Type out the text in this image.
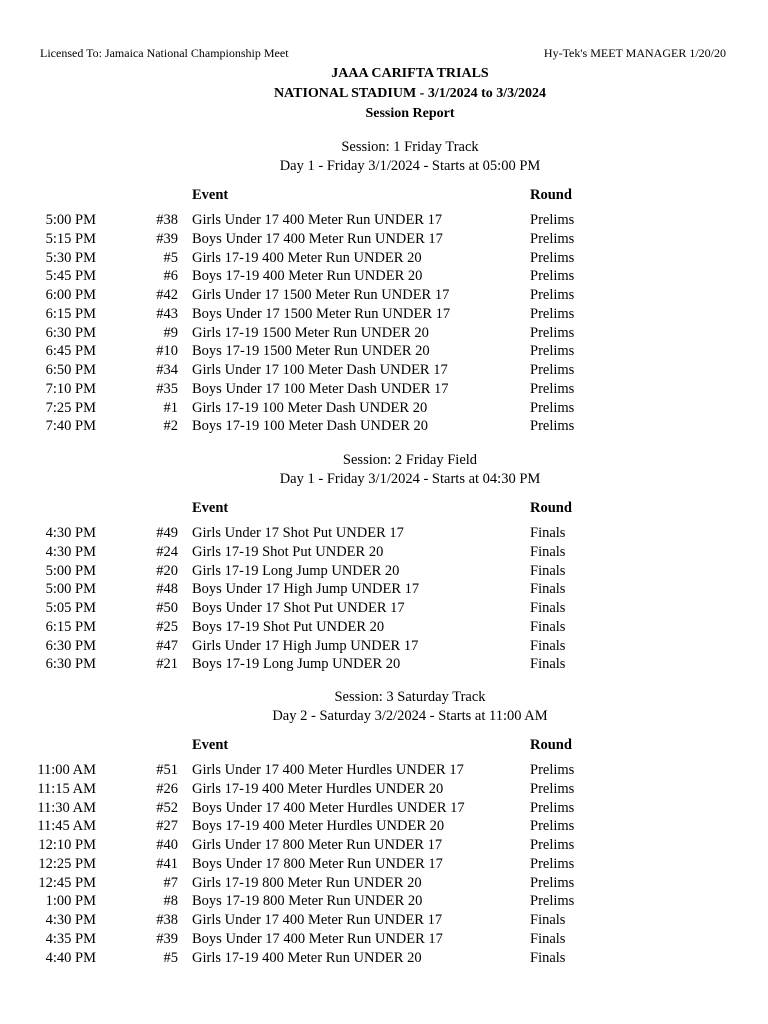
Licensed To: Jamaica National Championship Meet	Hy-Tek's MEET MANAGER 1/20/20
JAAA CARIFTA TRIALS
NATIONAL STADIUM - 3/1/2024 to 3/3/2024
Session Report
Session: 1 Friday Track
Day 1 - Friday 3/1/2024 - Starts at 05:00 PM
Event	Round
5:00 PM	#38 Girls Under 17 400 Meter Run UNDER 17	Prelims
5:15 PM	#39 Boys Under 17 400 Meter Run UNDER 17	Prelims
5:30 PM	#5 Girls 17-19 400 Meter Run UNDER 20	Prelims
5:45 PM	#6 Boys 17-19 400 Meter Run UNDER 20	Prelims
6:00 PM	#42 Girls Under 17 1500 Meter Run UNDER 17	Prelims
6:15 PM	#43 Boys Under 17 1500 Meter Run UNDER 17	Prelims
6:30 PM	#9 Girls 17-19 1500 Meter Run UNDER 20	Prelims
6:45 PM	#10 Boys 17-19 1500 Meter Run UNDER 20	Prelims
6:50 PM	#34 Girls Under 17 100 Meter Dash UNDER 17	Prelims
7:10 PM	#35 Boys Under 17 100 Meter Dash UNDER 17	Prelims
7:25 PM	#1 Girls 17-19 100 Meter Dash UNDER 20	Prelims
7:40 PM	#2 Boys 17-19 100 Meter Dash UNDER 20	Prelims
Session: 2 Friday Field
Day 1 - Friday 3/1/2024 - Starts at 04:30 PM
Event	Round
4:30 PM	#49 Girls Under 17 Shot Put UNDER 17	Finals
4:30 PM	#24 Girls 17-19 Shot Put UNDER 20	Finals
5:00 PM	#20 Girls 17-19 Long Jump UNDER 20	Finals
5:00 PM	#48 Boys Under 17 High Jump UNDER 17	Finals
5:05 PM	#50 Boys Under 17 Shot Put UNDER 17	Finals
6:15 PM	#25 Boys 17-19 Shot Put UNDER 20	Finals
6:30 PM	#47 Girls Under 17 High Jump UNDER 17	Finals
6:30 PM	#21 Boys 17-19 Long Jump UNDER 20	Finals
Session: 3 Saturday Track
Day 2 - Saturday 3/2/2024 - Starts at 11:00 AM
Event	Round
11:00 AM	#51 Girls Under 17 400 Meter Hurdles UNDER 17	Prelims
11:15 AM	#26 Girls 17-19 400 Meter Hurdles UNDER 20	Prelims
11:30 AM	#52 Boys Under 17 400 Meter Hurdles UNDER 17	Prelims
11:45 AM	#27 Boys 17-19 400 Meter Hurdles UNDER 20	Prelims
12:10 PM	#40 Girls Under 17 800 Meter Run UNDER 17	Prelims
12:25 PM	#41 Boys Under 17 800 Meter Run UNDER 17	Prelims
12:45 PM	#7 Girls 17-19 800 Meter Run UNDER 20	Prelims
1:00 PM	#8 Boys 17-19 800 Meter Run UNDER 20	Prelims
4:30 PM	#38 Girls Under 17 400 Meter Run UNDER 17	Finals
4:35 PM	#39 Boys Under 17 400 Meter Run UNDER 17	Finals
4:40 PM	#5 Girls 17-19 400 Meter Run UNDER 20	Finals
